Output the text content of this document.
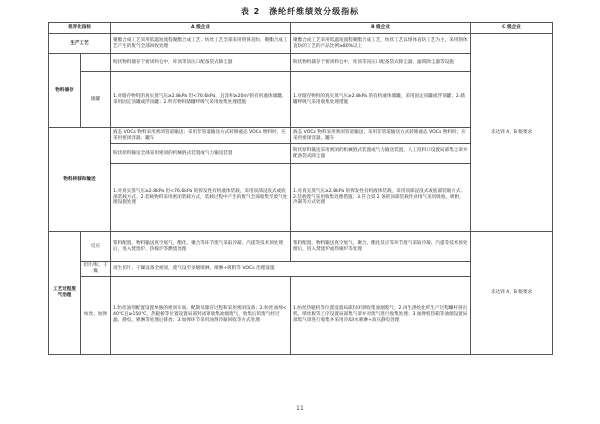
表 2　涤纶纤维绩效分级指标
差异化指标		A 级企业	B 级企业	C 级企业
生产工艺		聚酯合成工艺采用低温短流程聚酯合成工艺；纺丝工艺全部采用熔体直纺，聚酯合成工艺产生的废气全部回收处理	聚酯合成工艺采用低温短流程聚酯合成工艺，纺丝工艺以熔体直纺工艺为主，采用熔体直纺的工艺的产品比例≥80%以上	未达到 A、B 级要求
物料储存		粉状物料储存于密闭料仓中，库顶等顶压口配备袋式除尘器	粉状物料储存于密闭料仓中，库顶等顶压口配备袋式除尘器，滤筒除尘器等设施	
	储罐	1.对储存物料的真实蒸气压≥2.8kPa 但<76.6kPa，且容积≥20m³的有机液体储罐，采用固定顶罐或浮顶罐；2.所有物料储罐呼吸气采用收集处理措施	1.对储存物料的真实蒸气压≥2.8kPa 的有机液体储罐，采用固定顶罐或浮顶罐；2.储罐呼吸气采用收集处理措施	
物料转移和输送		液态 VOCs 物料采用密闭管道输送；采用非管道输送方式转移液态 VOCs 物料时，应采用密闭容器、罐车	液态 VOCs 物料采用密闭管道输送；采用非管道输送方式转移液态 VOCs 物料时，应采用密闭容器、罐车	
		粉状原料输送全部采用密闭的机械链式装置或气力输送装置	粉状原料输送采用密闭的机械链式装置或气力输送装置，人工投料口设置局部集尘罩并配备袋式除尘器	
		1.对真实蒸气压≥2.8kPa 但<76.6kPa 的挥发性有机液体装载，采用顶部浸没式或底部装载方式；2.装载物料采用密闭装载方式，装载过程中产生的废气全部收集至废气处理设施处理	1.对真实蒸气压≥2.8kPa 的挥发性有机液体装载，采用顶部浸没式或底部装载方式；2.装载废气采用收集处理措施；3.符合第 2 条的顶部装载作业排气采用吸收、吸附、冷凝等方式处理	
工艺过程废气治理	反应	浆料配置、物料输送真空尾气、酯化、聚合等环节废气采取冷凝、汽提等技术预处理后，进入焚烧炉、热媒炉等燃烧处理	浆料配置、物料输送真空尾气、聚合、酯化反应等环节废气采取冷凝、汽提等技术预处理后，进入焚烧炉或热媒炉等处理	未达到 A、B 级要求
	切片/粒、干燥	再生切片、干燥设备全密闭，废气设至多级喷淋、喷淋+吸附等 VOCs 治理设施		
	纺丝、加弹	1.纺丝油剂配置设置单独的密闭车间，配制及储存过程和采用密闭设备；2.纺丝油剂<40℃且≥150℃，热辊板等位置设置局部封闭罩收集油烟废气，收集后的废气经过滤、静电、喷淋等处理后排放；3.加弹环节采用油剂冷凝回收等方式处理	1.纺丝热辊机等位置设置局部封闭罩收集油烟废气；2.再生涤纶化纤生产过程螺杆挤出机、喷丝板等工序设置局部集气罩并对废气进行收集处理；3.加弹机热箱等油烟设置局部集气罩进行收集并采用冷却/水喷淋+高压静电处理	
11
